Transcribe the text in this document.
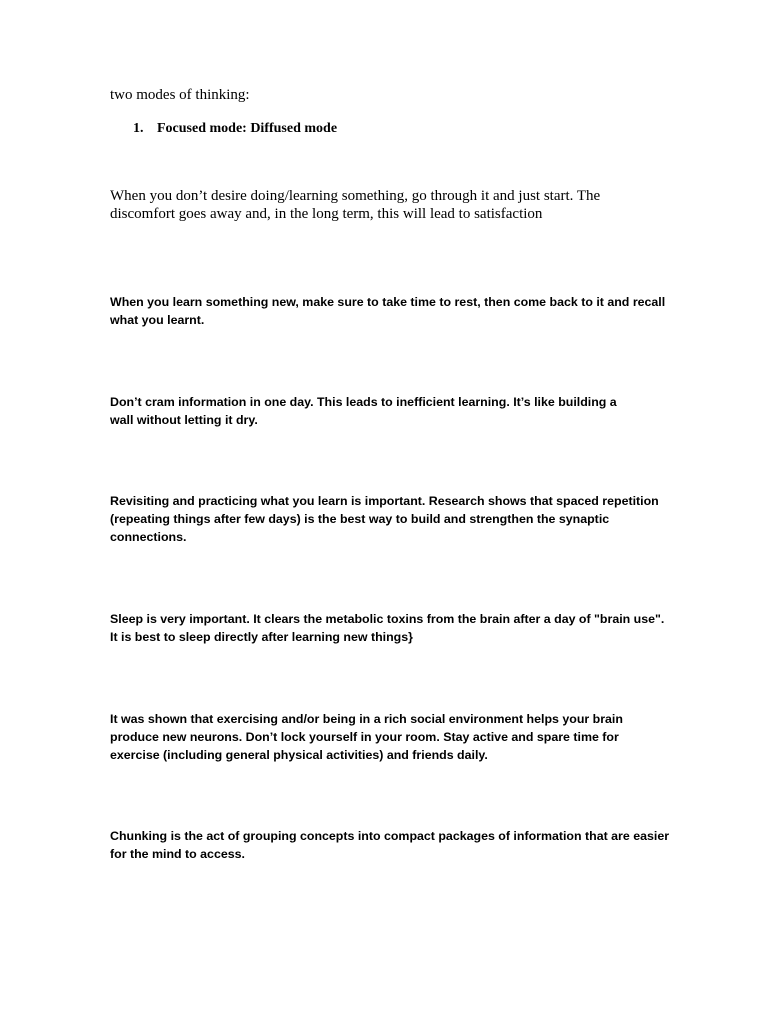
two modes of thinking:

1. Focused mode: Diffused mode

When you don’t desire doing/learning something, go through it and just start. The discomfort goes away and, in the long term, this will lead to satisfaction

When you learn something new, make sure to take time to rest, then come back to it and recall what you learnt.

Don’t cram information in one day. This leads to inefficient learning. It’s like building a wall without letting it dry.

Revisiting and practicing what you learn is important. Research shows that spaced repetition (repeating things after few days) is the best way to build and strengthen the synaptic connections.

Sleep is very important. It clears the metabolic toxins from the brain after a day of "brain use". It is best to sleep directly after learning new things}

It was shown that exercising and/or being in a rich social environment helps your brain produce new neurons. Don’t lock yourself in your room. Stay active and spare time for exercise (including general physical activities) and friends daily.

Chunking is the act of grouping concepts into compact packages of information that are easier for the mind to access.
